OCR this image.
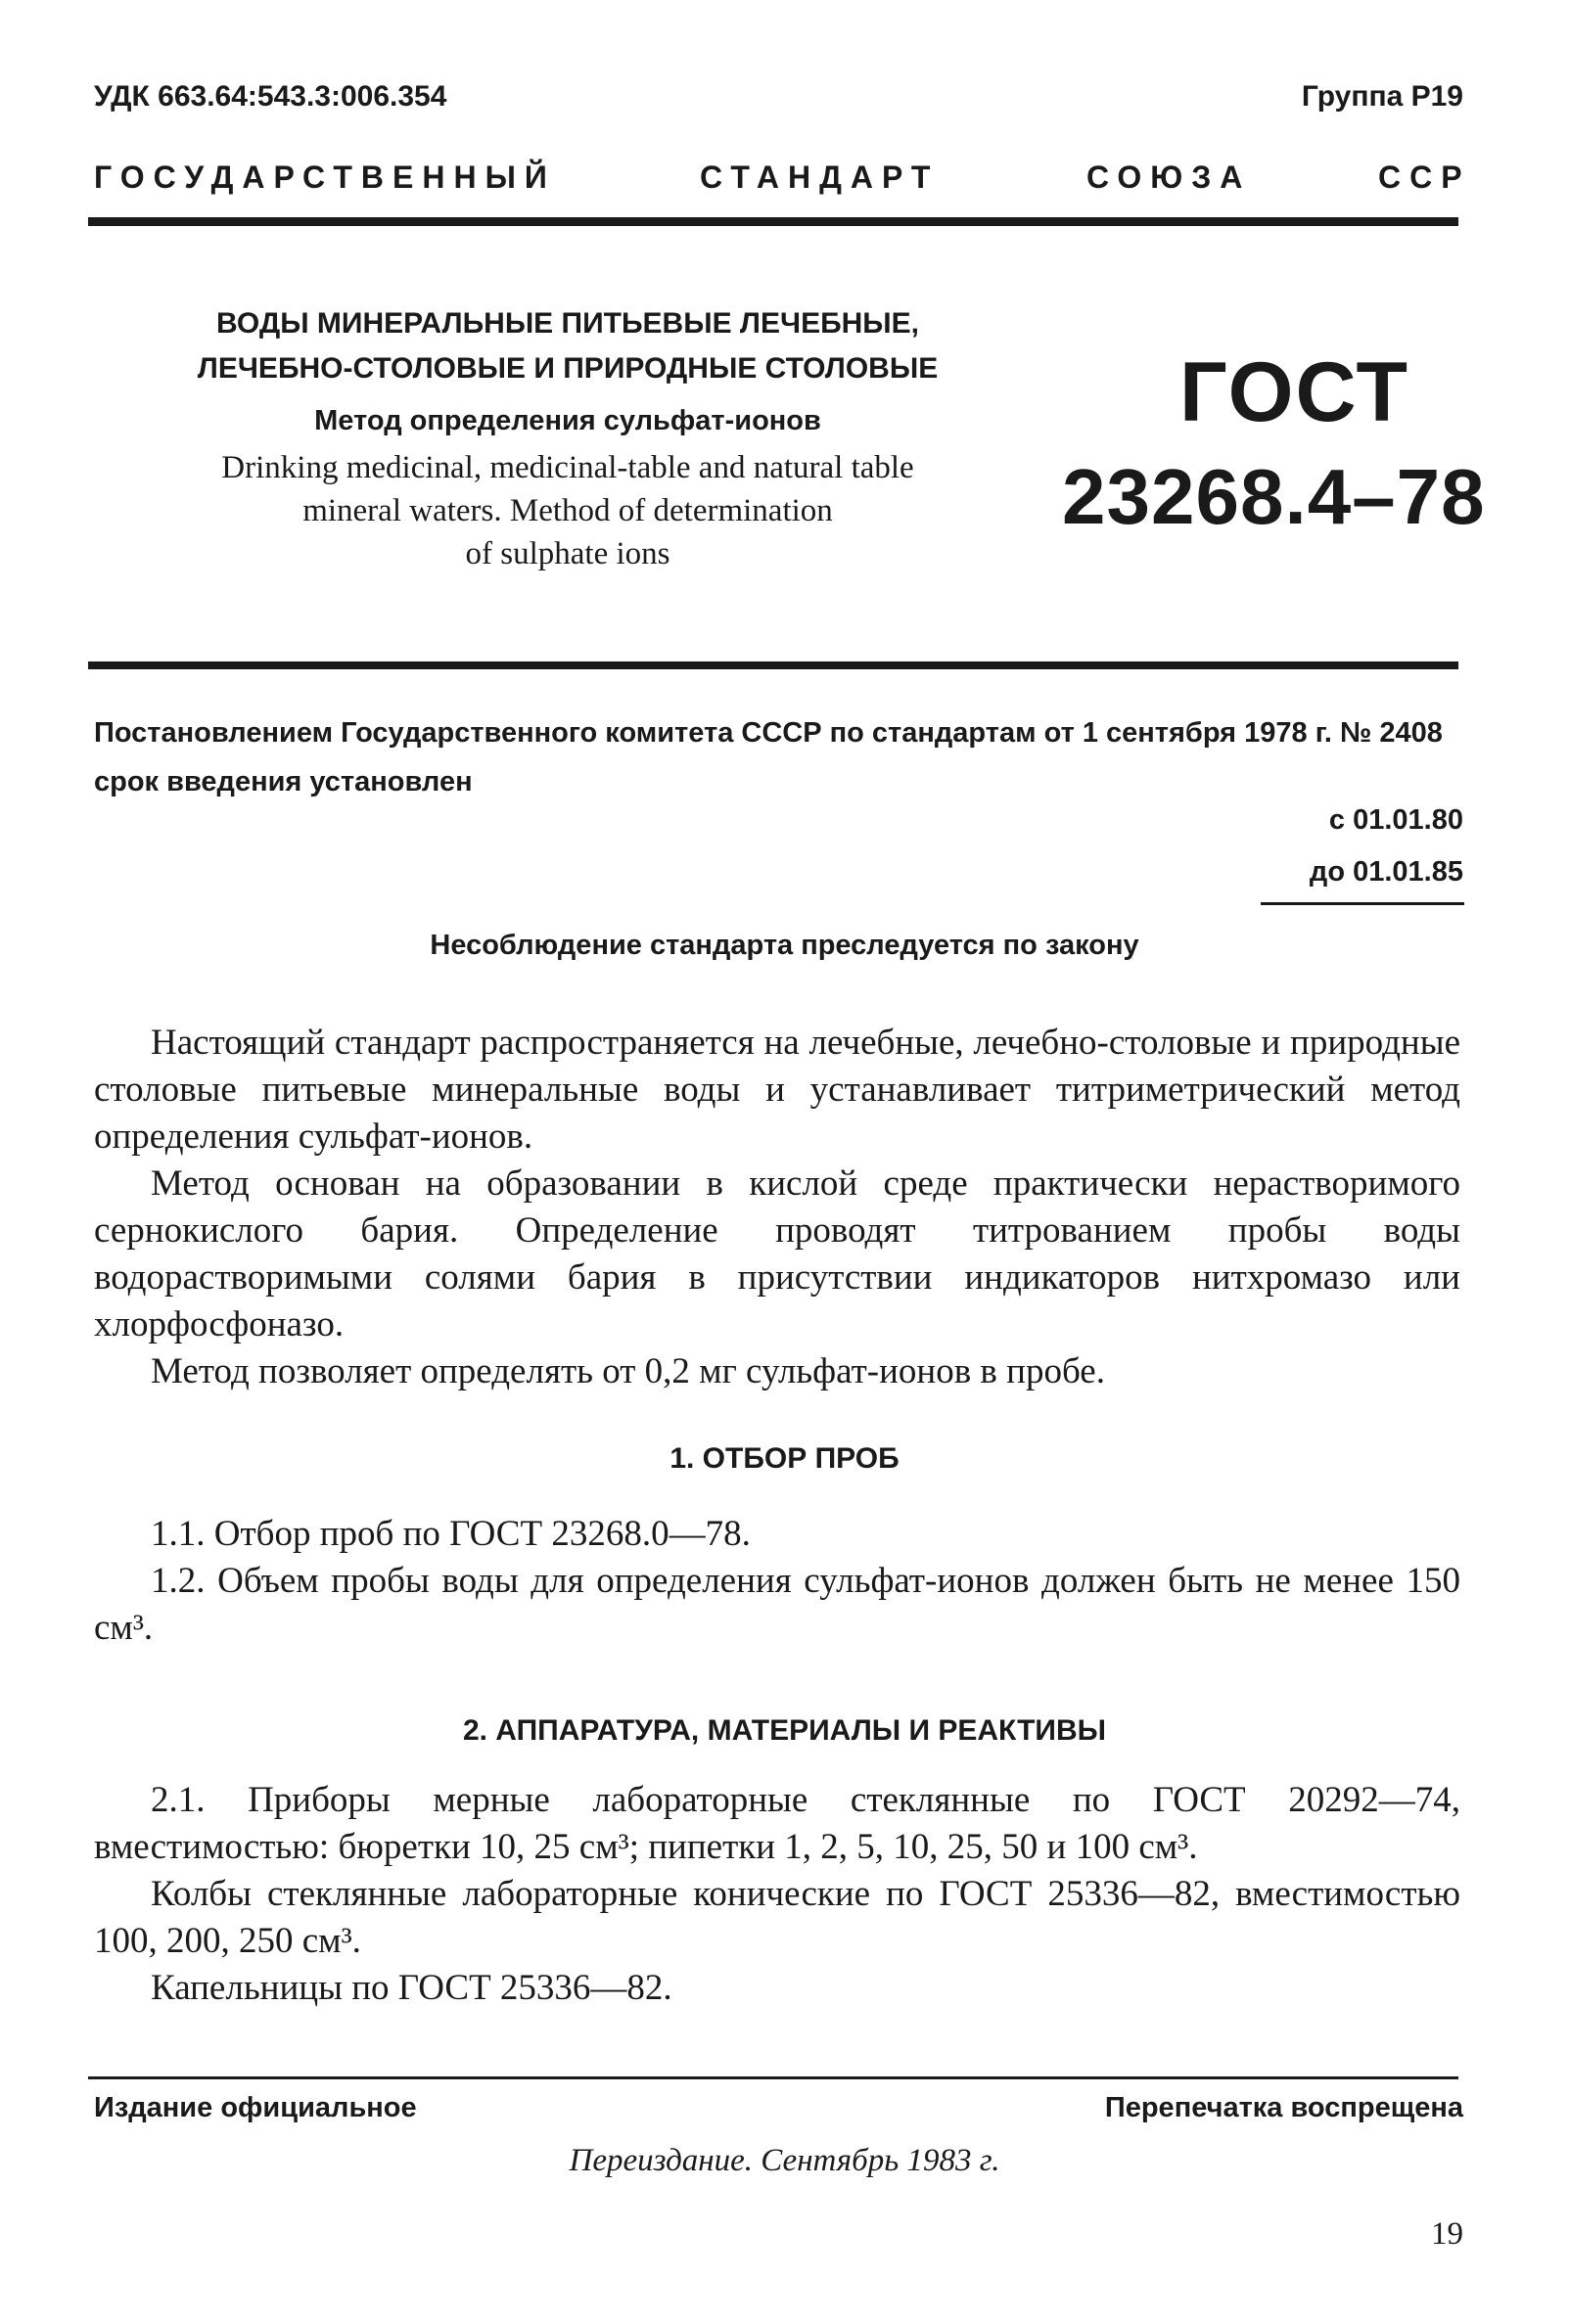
УДК 663.64:543.3:006.354	Группа Р19
ГОСУДАРСТВЕННЫЙ	СТАНДАРТ	СОЮЗА	ССР
ВОДЫ МИНЕРАЛЬНЫЕ ПИТЬЕВЫЕ ЛЕЧЕБНЫЕ,
ЛЕЧЕБНО-СТОЛОВЫЕ И ПРИРОДНЫЕ СТОЛОВЫЕ
Метод определения сульфат-ионов
Drinking medicinal, medicinal-table and natural table
mineral waters. Method of determination
of sulphate ions
ГОСТ
23268.4–78
Постановлением Государственного комитета СССР по стандартам от 1 сентября 1978 г. № 2408 срок введения установлен
с 01.01.80
до 01.01.85
Несоблюдение стандарта преследуется по закону

Настоящий стандарт распространяется на лечебные, лечебно-столовые и природные столовые питьевые минеральные воды и устанавливает титриметрический метод определения сульфат-ионов.

Метод основан на образовании в кислой среде практически нерастворимого сернокислого бария. Определение проводят титрованием пробы воды водорастворимыми солями бария в присутствии индикаторов нитхромазо или хлорфосфоназо.

Метод позволяет определять от 0,2 мг сульфат-ионов в пробе.

1. ОТБОР ПРОБ

1.1. Отбор проб по ГОСТ 23268.0—78.

1.2. Объем пробы воды для определения сульфат-ионов должен быть не менее 150 см³.

2. АППАРАТУРА, МАТЕРИАЛЫ И РЕАКТИВЫ

2.1. Приборы мерные лабораторные стеклянные по ГОСТ 20292—74, вместимостью: бюретки 10, 25 см³; пипетки 1, 2, 5, 10, 25, 50 и 100 см³.

Колбы стеклянные лабораторные конические по ГОСТ 25336—82, вместимостью 100, 200, 250 см³.

Капельницы по ГОСТ 25336—82.

Издание официальное	Перепечатка воспрещена
Переиздание. Сентябрь 1983 г.
19
